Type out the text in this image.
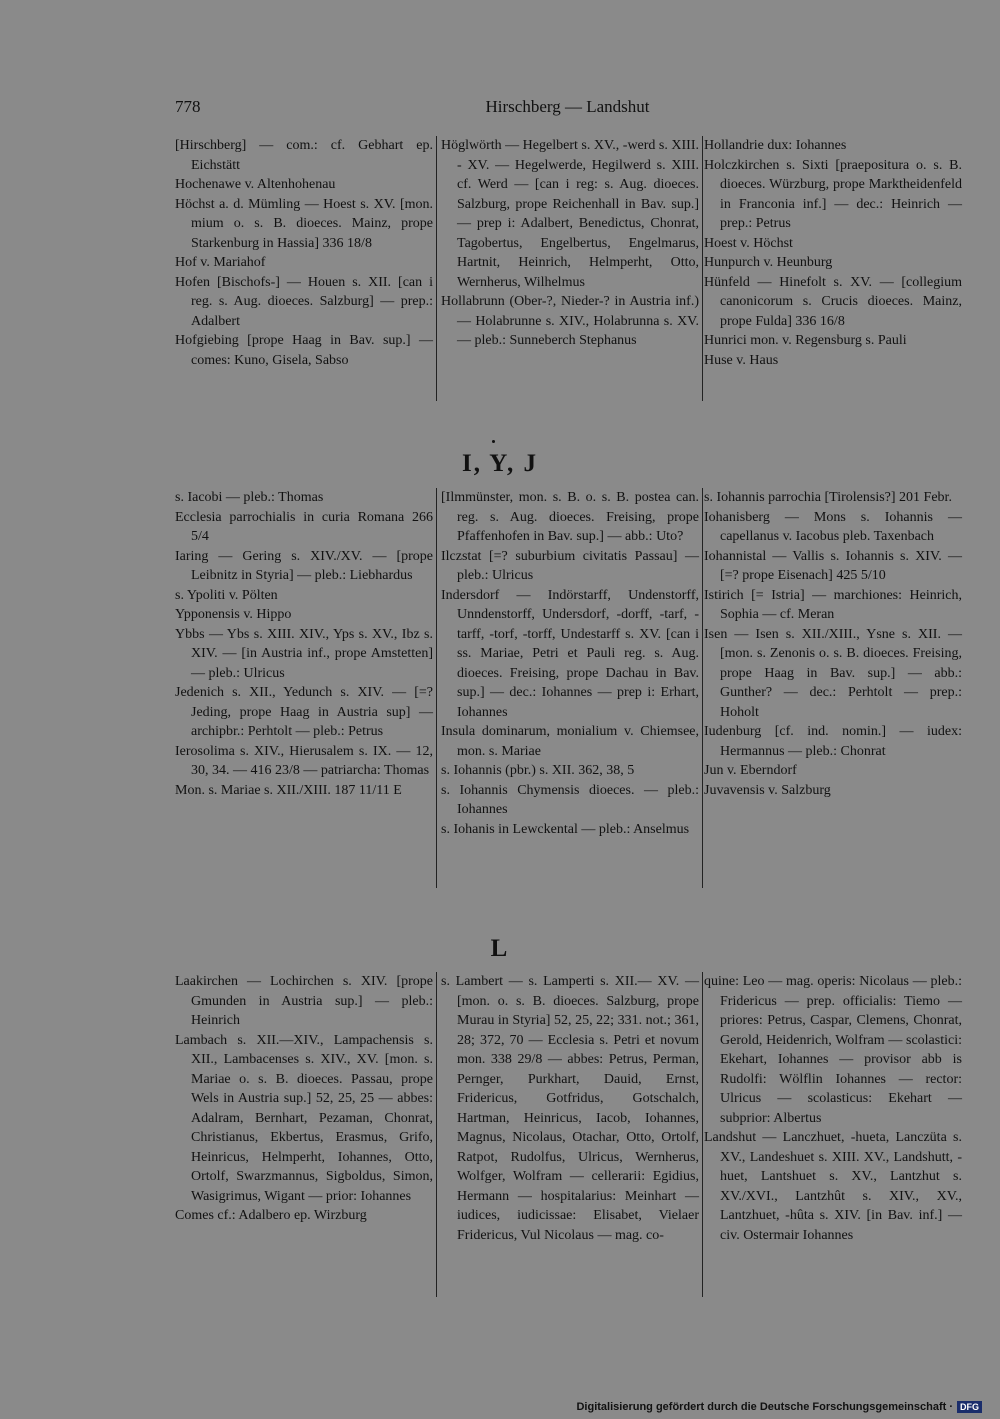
778	Hirschberg — Landshut

[Hirschberg] — com.: cf. Gebhart ep. Eichstätt

Hochenawe v. Altenhohenau

Höchst a. d. Mümling — Hoest s. XV. [mon. mium o. s. B. dioeces. Mainz, prope Starkenburg in Hassia] 336 18/8

Hof v. Mariahof

Hofen [Bischofs-] — Houen s. XII. [can i reg. s. Aug. dioeces. Salzburg] — prep.: Adalbert

Hofgiebing [prope Haag in Bav. sup.] — comes: Kuno, Gisela, Sabso

Höglwörth — Hegelbert s. XV., -werd s. XIII. - XV. — Hegelwerde, Hegilwerd s. XIII. cf. Werd — [can i reg: s. Aug. dioeces. Salzburg, prope Reichenhall in Bav. sup.] — prep i: Adalbert, Benedictus, Chonrat, Tagobertus, Engelbertus, Engelmarus, Hartnit, Heinrich, Helmperht, Otto, Wernherus, Wilhelmus

Hollabrunn (Ober-?, Nieder-? in Austria inf.) — Holabrunne s. XIV., Holabrunna s. XV. — pleb.: Sunneberch Stephanus

Hollandrie dux: Iohannes

Holczkirchen s. Sixti [praepositura o. s. B. dioeces. Würzburg, prope Marktheidenfeld in Franconia inf.] — dec.: Heinrich — prep.: Petrus

Hoest v. Höchst

Hunpurch v. Heunburg

Hünfeld — Hinefolt s. XV. — [collegium canonicorum s. Crucis dioeces. Mainz, prope Fulda] 336 16/8

Hunrici mon. v. Regensburg s. Pauli

Huse v. Haus

I, Y, J

s. Iacobi — pleb.: Thomas

Ecclesia parrochialis in curia Romana 266 5/4

Iaring — Gering s. XIV./XV. — [prope Leibnitz in Styria] — pleb.: Liebhardus

s. Ypoliti v. Pölten

Ypponensis v. Hippo

Ybbs — Ybs s. XIII. XIV., Yps s. XV., Ibz s. XIV. — [in Austria inf., prope Amstetten] — pleb.: Ulricus

Jedenich s. XII., Yedunch s. XIV. — [=? Jeding, prope Haag in Austria sup] — archipbr.: Perhtolt — pleb.: Petrus

Ierosolima s. XIV., Hierusalem s. IX. — 12, 30, 34. — 416 23/8 — patriarcha: Thomas

Mon. s. Mariae s. XII./XIII. 187 11/11 E

[Ilmmünster, mon. s. B. o. s. B. postea can. reg. s. Aug. dioeces. Freising, prope Pfaffenhofen in Bav. sup.] — abb.: Uto?

Ilczstat [=? suburbium civitatis Passau] — pleb.: Ulricus

Indersdorf — Indörstarff, Undenstorff, Unndenstorff, Undersdorf, -dorff, -tarf, -tarff, -torf, -torff, Undestarff s. XV. [can i ss. Mariae, Petri et Pauli reg. s. Aug. dioeces. Freising, prope Dachau in Bav. sup.] — dec.: Iohannes — prep i: Erhart, Iohannes

Insula dominarum, monialium v. Chiemsee, mon. s. Mariae

s. Iohannis (pbr.) s. XII. 362, 38, 5

s. Iohannis Chymensis dioeces. — pleb.: Iohannes

s. Iohanis in Lewckental — pleb.: Anselmus

s. Iohannis parrochia [Tirolensis?] 201 Febr.

Iohanisberg — Mons s. Iohannis — capellanus v. Iacobus pleb. Taxenbach

Iohannistal — Vallis s. Iohannis s. XIV. — [=? prope Eisenach] 425 5/10

Istirich [= Istria] — marchiones: Heinrich, Sophia — cf. Meran

Isen — Isen s. XII./XIII., Ysne s. XII. — [mon. s. Zenonis o. s. B. dioeces. Freising, prope Haag in Bav. sup.] — abb.: Gunther? — dec.: Perhtolt — prep.: Hoholt

Iudenburg [cf. ind. nomin.] — iudex: Hermannus — pleb.: Chonrat

Jun v. Eberndorf

Juvavensis v. Salzburg

L

Laakirchen — Lochirchen s. XIV. [prope Gmunden in Austria sup.] — pleb.: Heinrich

Lambach s. XII.—XIV., Lampachensis s. XII., Lambacenses s. XIV., XV. [mon. s. Mariae o. s. B. dioeces. Passau, prope Wels in Austria sup.] 52, 25, 25 — abbes: Adalram, Bernhart, Pezaman, Chonrat, Christianus, Ekbertus, Erasmus, Grifo, Heinricus, Helmperht, Iohannes, Otto, Ortolf, Swarzmannus, Sigboldus, Simon, Wasigrimus, Wigant — prior: Iohannes

Comes cf.: Adalbero ep. Wirzburg

s. Lambert — s. Lamperti s. XII.— XV. — [mon. o. s. B. dioeces. Salzburg, prope Murau in Styria] 52, 25, 22; 331. not.; 361, 28; 372, 70 — Ecclesia s. Petri et novum mon. 338 29/8 — abbes: Petrus, Perman, Pernger, Purkhart, Dauid, Ernst, Fridericus, Gotfridus, Gotschalch, Hartman, Heinricus, Iacob, Iohannes, Magnus, Nicolaus, Otachar, Otto, Ortolf, Ratpot, Rudolfus, Ulricus, Wernherus, Wolfger, Wolfram — cellerarii: Egidius, Hermann — hospitalarius: Meinhart — iudices, iudicissae: Elisabet, Vielaer Fridericus, Vul Nicolaus — mag. co-

quine: Leo — mag. operis: Nicolaus — pleb.: Fridericus — prep. officialis: Tiemo — priores: Petrus, Caspar, Clemens, Chonrat, Gerold, Heidenrich, Wolfram — scolastici: Ekehart, Iohannes — provisor abb is Rudolfi: Wölflin Iohannes — rector: Ulricus — scolasticus: Ekehart — subprior: Albertus

Landshut — Lanczhuet, -hueta, Lanczüta s. XV., Landeshuet s. XIII. XV., Landshutt, -huet, Lantshuet s. XV., Lantzhut s. XV./XVI., Lantzhût s. XIV., XV., Lantzhuet, -hûta s. XIV. [in Bav. inf.] — civ. Ostermair Iohannes

Digitalisierung gefördert durch die Deutsche Forschungsgemeinschaft · DFG
